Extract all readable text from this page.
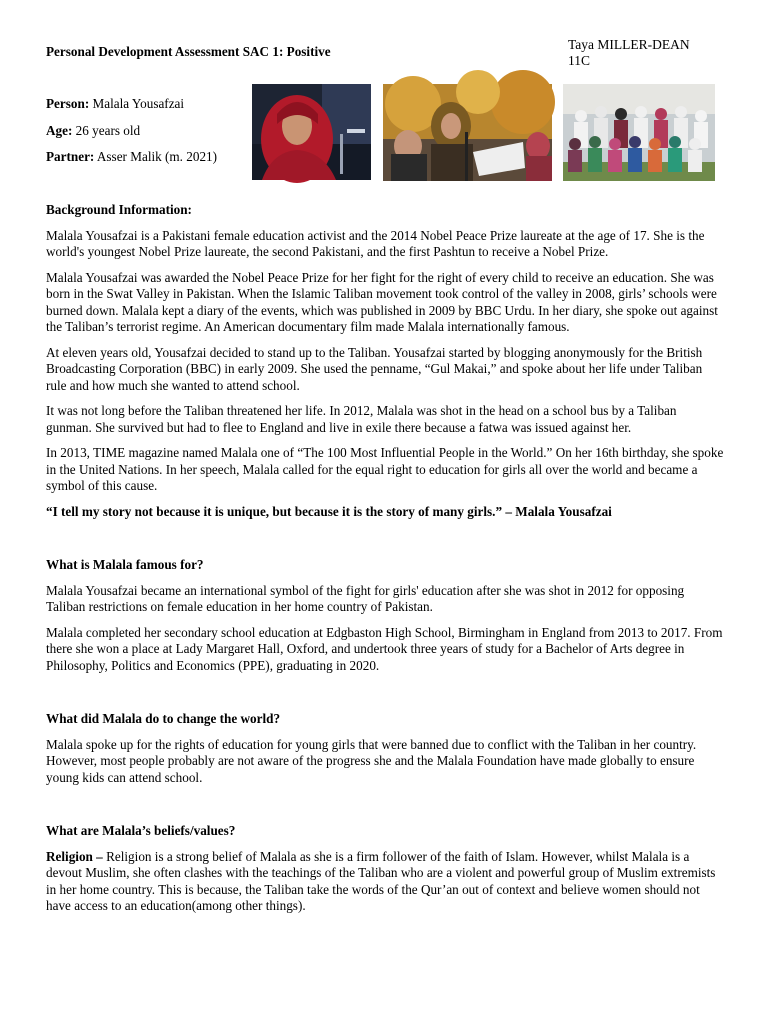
Personal Development Assessment SAC 1: Positive	Taya MILLER-DEAN
11C
Person: Malala Yousafzai
Age: 26 years old
Partner: Asser Malik (m. 2021)
Background Information:

Malala Yousafzai is a Pakistani female education activist and the 2014 Nobel Peace Prize laureate at the age of 17. She is the world's youngest Nobel Prize laureate, the second Pakistani, and the first Pashtun to receive a Nobel Prize.

Malala Yousafzai was awarded the Nobel Peace Prize for her fight for the right of every child to receive an education. She was born in the Swat Valley in Pakistan. When the Islamic Taliban movement took control of the valley in 2008, girls’ schools were burned down. Malala kept a diary of the events, which was published in 2009 by BBC Urdu. In her diary, she spoke out against the Taliban’s terrorist regime. An American documentary film made Malala internationally famous.

At eleven years old, Yousafzai decided to stand up to the Taliban. Yousafzai started by blogging anonymously for the British Broadcasting Corporation (BBC) in early 2009. She used the penname, “Gul Makai,” and spoke about her life under Taliban rule and how much she wanted to attend school.

It was not long before the Taliban threatened her life. In 2012, Malala was shot in the head on a school bus by a Taliban gunman. She survived but had to flee to England and live in exile there because a fatwa was issued against her.

In 2013, TIME magazine named Malala one of “The 100 Most Influential People in the World.” On her 16th birthday, she spoke in the United Nations. In her speech, Malala called for the equal right to education for girls all over the world and became a symbol of this cause.

“I tell my story not because it is unique, but because it is the story of many girls.” – Malala Yousafzai

What is Malala famous for?

Malala Yousafzai became an international symbol of the fight for girls' education after she was shot in 2012 for opposing Taliban restrictions on female education in her home country of Pakistan.

Malala completed her secondary school education at Edgbaston High School, Birmingham in England from 2013 to 2017. From there she won a place at Lady Margaret Hall, Oxford, and undertook three years of study for a Bachelor of Arts degree in Philosophy, Politics and Economics (PPE), graduating in 2020.

What did Malala do to change the world?

Malala spoke up for the rights of education for young girls that were banned due to conflict with the Taliban in her country. However, most people probably are not aware of the progress she and the Malala Foundation have made globally to ensure young kids can attend school.

What are Malala’s beliefs/values?

Religion – Religion is a strong belief of Malala as she is a firm follower of the faith of Islam. However, whilst Malala is a devout Muslim, she often clashes with the teachings of the Taliban who are a violent and powerful group of Muslim extremists in her home country. This is because, the Taliban take the words of the Qur’an out of context and believe women should not have access to an education(among other things).
